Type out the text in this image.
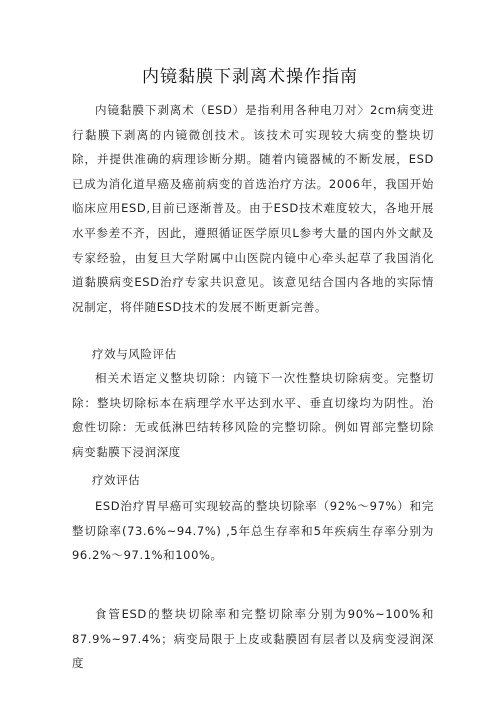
内镜黏膜下剥离术操作指南
内镜黏膜下剥离术（ESD）是指利用各种电刀对〉2cm病变进行黏膜下剥离的内镜微创技术。该技术可实现较大病变的整块切除，并提供准确的病理诊断分期。随着内镜器械的不断发展，ESD已成为消化道早癌及癌前病变的首选治疗方法。2006年，我国开始临床应用ESD,目前已逐渐普及。由于ESD技术难度较大，各地开展水平参差不齐，因此，遵照循证医学原贝L参考大量的国内外文献及专家经验，由复旦大学附属中山医院内镜中心牵头起草了我国消化道黏膜病变ESD治疗专家共识意见。该意见结合国内各地的实际情况制定，将伴随ESD技术的发展不断更新完善。
疗效与风险评估
相关术语定义整块切除：内镜下一次性整块切除病变。完整切除：整块切除标本在病理学水平达到水平、垂直切缘均为阴性。治愈性切除：无或低淋巴结转移风险的完整切除。例如胃部完整切除病变黏膜下浸润深度
疗效评估
ESD治疗胃早癌可实现较高的整块切除率（92%～97%）和完整切除率(73.6%~94.7%) ,5年总生存率和5年疾病生存率分别为96.2%～97.1%和100%。
食管ESD的整块切除率和完整切除率分别为90%~100%和87.9%~97.4%；病变局限于上皮或黏膜固有层者以及病变浸润深度
